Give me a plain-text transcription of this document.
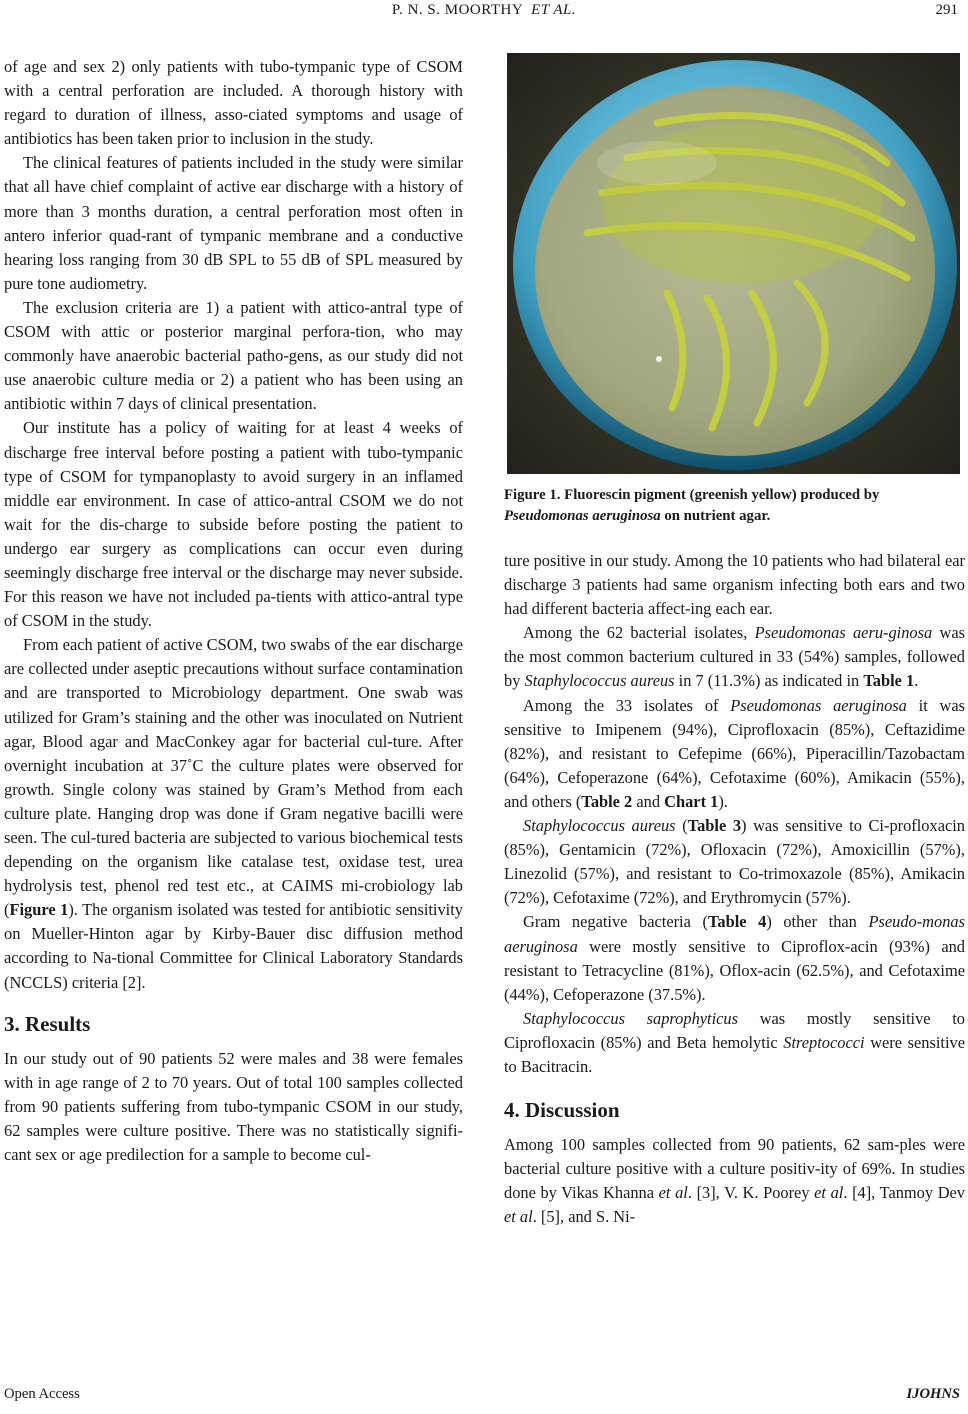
P. N. S. MOORTHY ET AL.	291

of age and sex 2) only patients with tubo-tympanic type of CSOM with a central perforation are included. A thorough history with regard to duration of illness, asso-ciated symptoms and usage of antibiotics has been taken prior to inclusion in the study.

The clinical features of patients included in the study were similar that all have chief complaint of active ear discharge with a history of more than 3 months duration, a central perforation most often in antero inferior quad-rant of tympanic membrane and a conductive hearing loss ranging from 30 dB SPL to 55 dB of SPL measured by pure tone audiometry.

The exclusion criteria are 1) a patient with attico-antral type of CSOM with attic or posterior marginal perfora-tion, who may commonly have anaerobic bacterial patho-gens, as our study did not use anaerobic culture media or 2) a patient who has been using an antibiotic within 7 days of clinical presentation.

Our institute has a policy of waiting for at least 4 weeks of discharge free interval before posting a patient with tubo-tympanic type of CSOM for tympanoplasty to avoid surgery in an inflamed middle ear environment. In case of attico-antral CSOM we do not wait for the dis-charge to subside before posting the patient to undergo ear surgery as complications can occur even during seemingly discharge free interval or the discharge may never subside. For this reason we have not included pa-tients with attico-antral type of CSOM in the study.

From each patient of active CSOM, two swabs of the ear discharge are collected under aseptic precautions without surface contamination and are transported to Microbiology department. One swab was utilized for Gram’s staining and the other was inoculated on Nutrient agar, Blood agar and MacConkey agar for bacterial cul-ture. After overnight incubation at 37˚C the culture plates were observed for growth. Single colony was stained by Gram’s Method from each culture plate. Hanging drop was done if Gram negative bacilli were seen. The cul-tured bacteria are subjected to various biochemical tests depending on the organism like catalase test, oxidase test, urea hydrolysis test, phenol red test etc., at CAIMS mi-crobiology lab (Figure 1). The organism isolated was tested for antibiotic sensitivity on Mueller-Hinton agar by Kirby-Bauer disc diffusion method according to Na-tional Committee for Clinical Laboratory Standards (NCCLS) criteria [2].

3. Results

In our study out of 90 patients 52 were males and 38 were females with in age range of 2 to 70 years. Out of total 100 samples collected from 90 patients suffering from tubo-tympanic CSOM in our study, 62 samples were culture positive. There was no statistically signifi-cant sex or age predilection for a sample to become cul-

Figure 1. Fluorescin pigment (greenish yellow) produced by Pseudomonas aeruginosa on nutrient agar.

ture positive in our study. Among the 10 patients who had bilateral ear discharge 3 patients had same organism infecting both ears and two had different bacteria affect-ing each ear.

Among the 62 bacterial isolates, Pseudomonas aeru-ginosa was the most common bacterium cultured in 33 (54%) samples, followed by Staphylococcus aureus in 7 (11.3%) as indicated in Table 1.

Among the 33 isolates of Pseudomonas aeruginosa it was sensitive to Imipenem (94%), Ciprofloxacin (85%), Ceftazidime (82%), and resistant to Cefepime (66%), Piperacillin/Tazobactam (64%), Cefoperazone (64%), Cefotaxime (60%), Amikacin (55%), and others (Table 2 and Chart 1).

Staphylococcus aureus (Table 3) was sensitive to Ci-profloxacin (85%), Gentamicin (72%), Ofloxacin (72%), Amoxicillin (57%), Linezolid (57%), and resistant to Co-trimoxazole (85%), Amikacin (72%), Cefotaxime (72%), and Erythromycin (57%).

Gram negative bacteria (Table 4) other than Pseudo-monas aeruginosa were mostly sensitive to Ciproflox-acin (93%) and resistant to Tetracycline (81%), Oflox-acin (62.5%), and Cefotaxime (44%), Cefoperazone (37.5%).

Staphylococcus saprophyticus was mostly sensitive to Ciprofloxacin (85%) and Beta hemolytic Streptococci were sensitive to Bacitracin.

4. Discussion

Among 100 samples collected from 90 patients, 62 sam-ples were bacterial culture positive with a culture positiv-ity of 69%. In studies done by Vikas Khanna et al. [3], V. K. Poorey et al. [4], Tanmoy Dev et al. [5], and S. Ni-

Open Access	IJOHNS
